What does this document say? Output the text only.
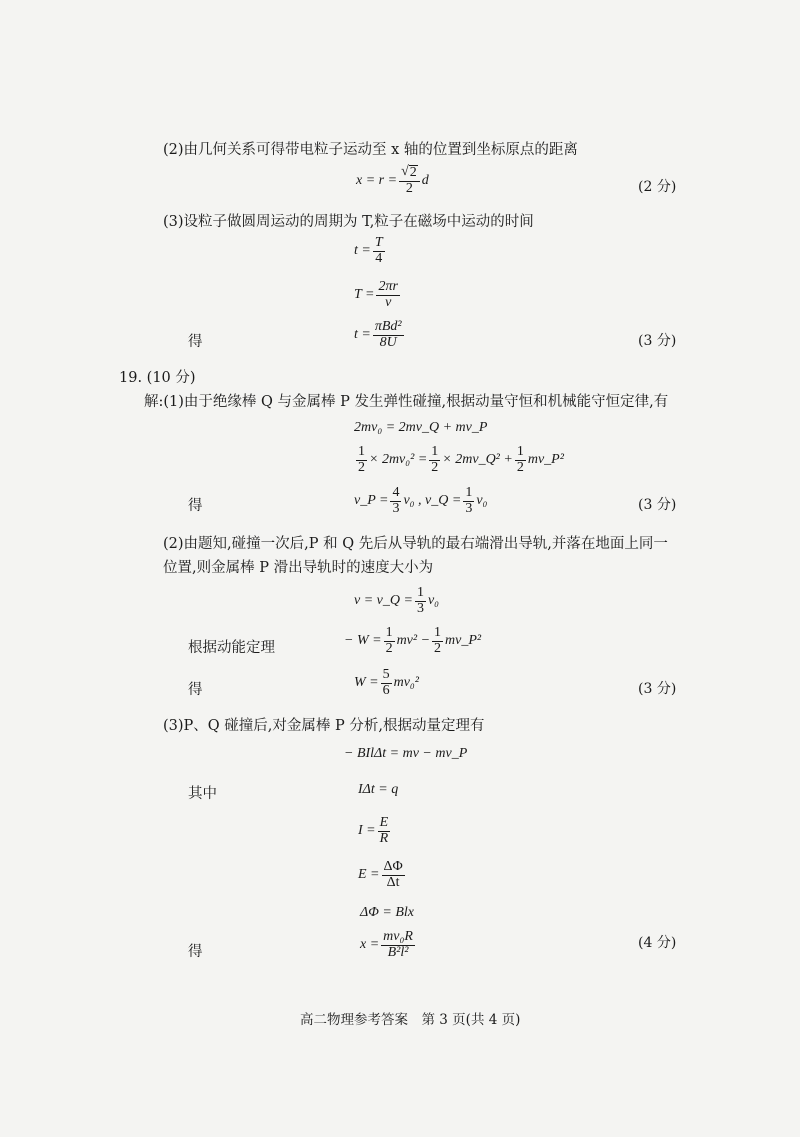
(2)由几何关系可得带电粒子运动至 x 轴的位置到坐标原点的距离
$x = r = \frac{√ 2}{2}$ d	(2 分)
(3)设粒子做圆周运动的周期为 T,粒子在磁场中运动的时间
$t = \frac{T}{4}$
$T = \frac{2\pi r}{v}$
得	$t = \frac{\text{πBd²}}{8U}$	(3 分)
19. (10 分)
解:(1)由于绝缘棒 Q 与金属棒 P 发生弹性碰撞,根据动量守恒和机械能守恒定律,有
2mv₀ = 2mv_Q + mv_P
$\frac{1}{2} \times 2mv_0^2 = \frac{1}{2}$ × 2mv_Q² + $\frac{1}{2}$ mv_P²
得	v_P = $\frac{4}{3} v_0$ , v_Q = $\frac{1}{3} v_0$	(3 分)
(2)由题知,碰撞一次后,P 和 Q 先后从导轨的最右端滑出导轨,并落在地面上同一
位置,则金属棒 P 滑出导轨时的速度大小为
v = v_Q = $\frac{1}{3} v_0$
根据动能定理	− $W = \frac{1}{2} mv^2 - \frac{1}{2}$ mv_P²
得	$W = \frac{5}{6} mv_0^2$	(3 分)
(3)P、Q 碰撞后,对金属棒 P 分析,根据动量定理有
− BIlΔt = mv − mv_P
其中	IΔt = q
$I = \frac{E}{R}$
$E = \frac{\Delta\Phi}{\Delta t}$
ΔΦ = Blx
得	$x = \frac{\text{mv₀R}}{\text{B²l²}}$	(4 分)
高二物理参考答案　第 3 页(共 4 页)
